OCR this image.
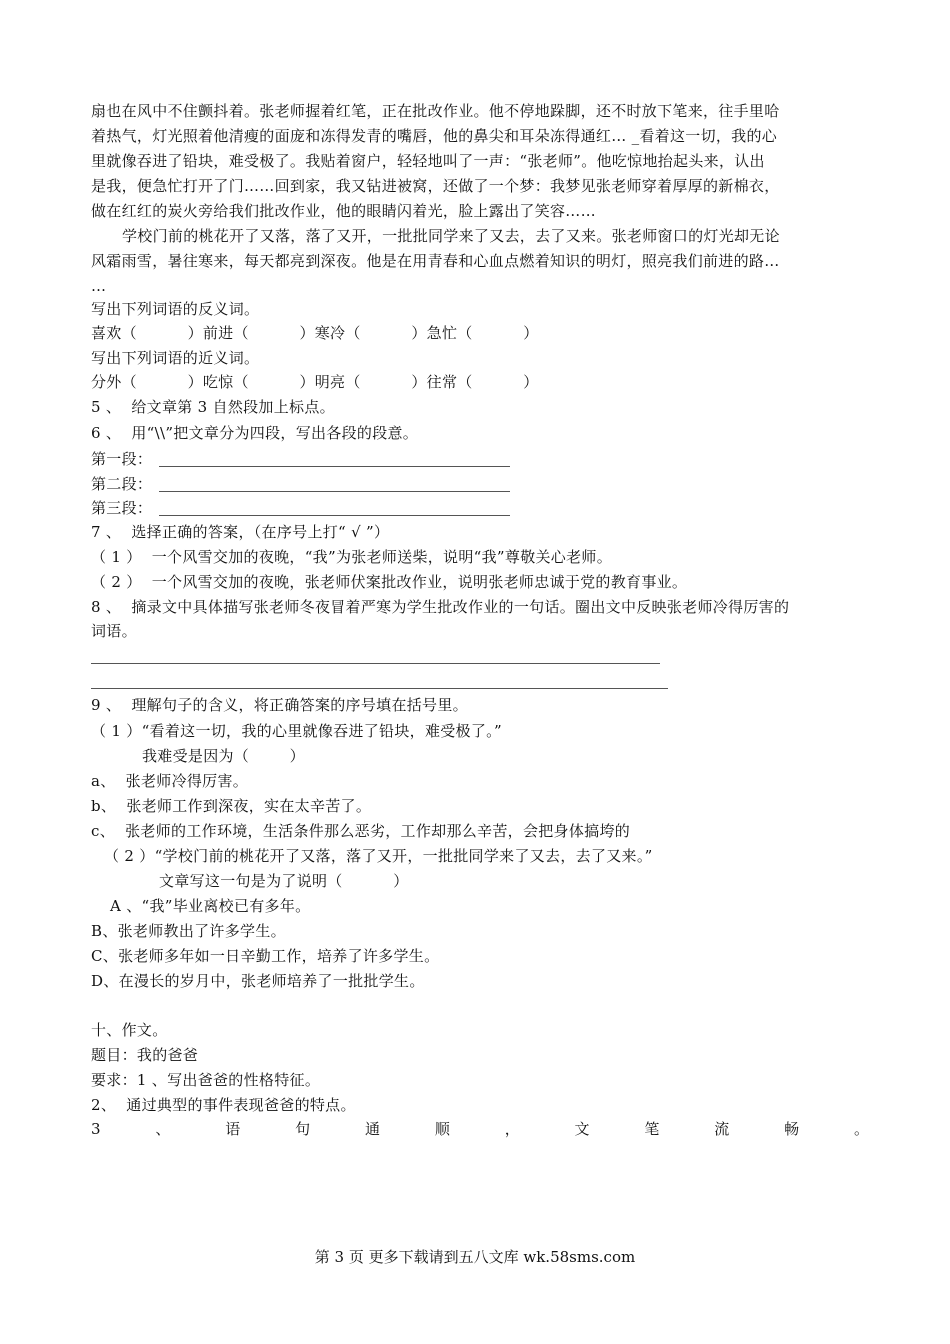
扇也在风中不住颤抖着。张老师握着红笔，正在批改作业。他不停地跺脚，还不时放下笔来，往手里哈
着热气，灯光照着他清瘦的面庞和冻得发青的嘴唇，他的鼻尖和耳朵冻得通红… _看着这一切，我的心
里就像吞进了铅块，难受极了。我贴着窗户，轻轻地叫了一声：“张老师”。他吃惊地抬起头来，认出
是我，便急忙打开了门……回到家，我又钻进被窝，还做了一个梦：我梦见张老师穿着厚厚的新棉衣，
做在红红的炭火旁给我们批改作业，他的眼睛闪着光，脸上露出了笑容……
学校门前的桃花开了又落，落了又开，一批批同学来了又去，去了又来。张老师窗口的灯光却无论
风霜雨雪，暑往寒来，每天都亮到深夜。他是在用青春和心血点燃着知识的明灯，照亮我们前进的路…
…
写出下列词语的反义词。
喜欢（          ）前进（          ）寒冷（          ）急忙（          ）
写出下列词语的近义词。
分外（          ）吃惊（          ）明亮（          ）往常（          ）
5 、  给文章第 3 自然段加上标点。
6 、  用“\\”把文章分为四段，写出各段的段意。
第一段：
第二段：
第三段：
7 、  选择正确的答案，（在序号上打“ √ ”）
（ 1 ）  一个风雪交加的夜晚，“我”为张老师送柴，说明“我”尊敬关心老师。
（ 2 ）  一个风雪交加的夜晚，张老师伏案批改作业，说明张老师忠诚于党的教育事业。
8 、  摘录文中具体描写张老师冬夜冒着严寒为学生批改作业的一句话。圈出文中反映张老师冷得厉害的
词语。
9 、  理解句子的含义，将正确答案的序号填在括号里。
（ 1 ）“看着这一切，我的心里就像吞进了铅块，难受极了。”
我难受是因为（        ）
a、  张老师冷得厉害。
b、  张老师工作到深夜，实在太辛苦了。
c、  张老师的工作环境，生活条件那么恶劣，工作却那么辛苦，会把身体搞垮的
（ 2 ）“学校门前的桃花开了又落，落了又开，一批批同学来了又去，去了又来。”
文章写这一句是为了说明（          ）
A 、“我”毕业离校已有多年。
B、张老师教出了许多学生。
C、张老师多年如一日辛勤工作，培养了许多学生。
D、在漫长的岁月中，张老师培养了一批批学生。
十、作文。
题目：我的爸爸
要求：1 、写出爸爸的性格特征。
2、  通过典型的事件表现爸爸的特点。
3	、	语	句	通	顺	，	文	笔	流	畅	。
第 3 页 更多下载请到五八文库 wk.58sms.com
